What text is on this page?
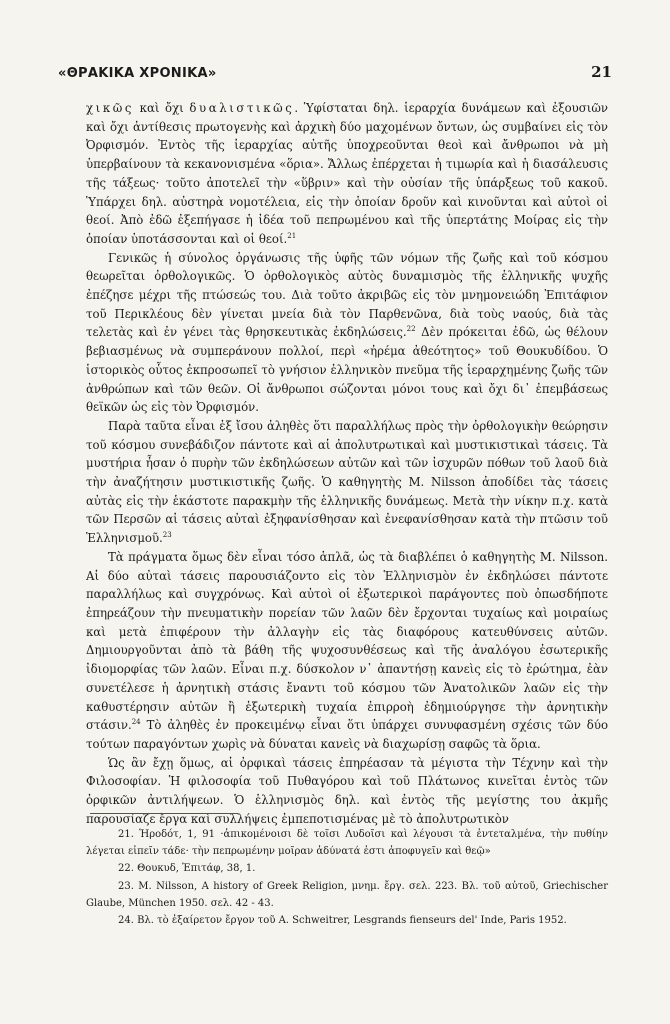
«ΘΡΑΚΙΚΑ ΧΡΟΝΙΚΑ»	21

χικῶς καὶ ὄχι δυαλιστικῶς. Ὑφίσταται δηλ. ἱεραρχία δυνάμεων καὶ ἐξουσιῶν καὶ ὄχι ἀντίθεσις πρωτογενὴς καὶ ἀρχικὴ δύο μαχομένων ὄντων, ὡς συμβαίνει εἰς τὸν Ὀρφισμόν. Ἐντὸς τῆς ἱεραρχίας αὐτῆς ὑποχρεοῦνται θεοὶ καὶ ἄνθρωποι νὰ μὴ ὑπερβαίνουν τὰ κεκανονισμένα «ὅρια». Ἄλλως ἐπέρχεται ἡ τιμωρία καὶ ἡ διασάλευσις τῆς τάξεως· τοῦτο ἀποτελεῖ τὴν «ὕβριν» καὶ τὴν οὐσίαν τῆς ὑπάρξεως τοῦ κακοῦ. Ὑπάρχει δηλ. αὐστηρὰ νομοτέλεια, εἰς τὴν ὁποίαν δροῦν καὶ κινοῦνται καὶ αὐτοὶ οἱ θεοί. Ἀπὸ ἐδῶ ἐξεπήγασε ἡ ἰδέα τοῦ πεπρωμένου καὶ τῆς ὑπερτάτης Μοίρας εἰς τὴν ὁποίαν ὑποτάσσονται καὶ οἱ θεοί.$^{21}$

Γενικῶς ἡ σύνολος ὀργάνωσις τῆς ὑφῆς τῶν νόμων τῆς ζωῆς καὶ τοῦ κόσμου θεωρεῖται ὀρθολογικῶς. Ὁ ὀρθολογικὸς αὐτὸς δυναμισμὸς τῆς ἑλληνικῆς ψυχῆς ἐπέζησε μέχρι τῆς πτώσεώς του. Διὰ τοῦτο ἀκριβῶς εἰς τὸν μνημονειώδη Ἐπιτάφιον τοῦ Περικλέους δὲν γίνεται μνεία διὰ τὸν Παρθενῶνα, διὰ τοὺς ναούς, διὰ τὰς τελετὰς καὶ ἐν γένει τὰς θρησκευτικὰς ἐκδηλώσεις.$^{22}$ Δὲν πρόκειται ἐδῶ, ὡς θέλουν βεβιασμένως νὰ συμπεράνουν πολλοί, περὶ «ἠρέμα ἀθεότητος» τοῦ Θουκυδίδου. Ὁ ἱστορικὸς οὗτος ἐκπροσωπεῖ τὸ γνήσιον ἑλληνικὸν πνεῦμα τῆς ἱεραρχημένης ζωῆς τῶν ἀνθρώπων καὶ τῶν θεῶν. Οἱ ἄνθρωποι σώζονται μόνοι τους καὶ ὄχι δι᾽ ἐπεμβάσεως θεϊκῶν ὡς εἰς τὸν Ὀρφισμόν.

Παρὰ ταῦτα εἶναι ἐξ ἴσου ἀληθὲς ὅτι παραλλήλως πρὸς τὴν ὀρθολογικὴν θεώρησιν τοῦ κόσμου συνεβάδιζον πάντοτε καὶ αἱ ἀπολυτρωτικαὶ καὶ μυστικιστικαὶ τάσεις. Τὰ μυστήρια ἦσαν ὁ πυρὴν τῶν ἐκδηλώσεων αὐτῶν καὶ τῶν ἰσχυρῶν πόθων τοῦ λαοῦ διὰ τὴν ἀναζήτησιν μυστικιστικῆς ζωῆς. Ὁ καθηγητὴς Μ. Nilsson ἀποδίδει τὰς τάσεις αὐτὰς εἰς τὴν ἑκάστοτε παρακμὴν τῆς ἑλληνικῆς δυνάμεως. Μετὰ τὴν νίκην π.χ. κατὰ τῶν Περσῶν αἱ τάσεις αὐταὶ ἐξηφανίσθησαν καὶ ἐνεφανίσθησαν κατὰ τὴν πτῶσιν τοῦ Ἑλληνισμοῦ.$^{23}$

Τὰ πράγματα ὅμως δὲν εἶναι τόσο ἁπλᾶ, ὡς τὰ διαβλέπει ὁ καθηγητὴς Μ. Nilsson. Αἱ δύο αὐταὶ τάσεις παρουσιάζοντο εἰς τὸν Ἑλληνισμὸν ἐν ἐκδηλώσει πάντοτε παραλλήλως καὶ συγχρόνως. Καὶ αὐτοὶ οἱ ἐξωτερικοὶ παράγοντες ποὺ ὀπωσδήποτε ἐπηρεάζουν τὴν πνευματικὴν πορείαν τῶν λαῶν δὲν ἔρχονται τυχαίως καὶ μοιραίως καὶ μετὰ ἐπιφέρουν τὴν ἀλλαγὴν εἰς τὰς διαφόρους κατευθύνσεις αὐτῶν. Δημιουργοῦνται ἀπὸ τὰ βάθη τῆς ψυχοσυνθέσεως καὶ τῆς ἀναλόγου ἐσωτερικῆς ἰδιομορφίας τῶν λαῶν. Εἶναι π.χ. δύσκολον ν᾽ ἀπαντήσῃ κανεὶς εἰς τὸ ἐρώτημα, ἐὰν συνετέλεσε ἡ ἀρνητικὴ στάσις ἔναντι τοῦ κόσμου τῶν Ἀνατολικῶν λαῶν εἰς τὴν καθυστέρησιν αὐτῶν ἢ ἐξωτερικὴ τυχαία ἐπιρροὴ ἐδημιούργησε τὴν ἀρνητικὴν στάσιν.$^{24}$ Τὸ ἀληθὲς ἐν προκειμένῳ εἶναι ὅτι ὑπάρχει συνυφασμένη σχέσις τῶν δύο τούτων παραγόντων χωρὶς νὰ δύναται κανεὶς νὰ διαχωρίσῃ σαφῶς τὰ ὅρια.

Ὡς ἂν ἔχῃ ὅμως, αἱ ὀρφικαὶ τάσεις ἐπηρέασαν τὰ μέγιστα τὴν Τέχνην καὶ τὴν Φιλοσοφίαν. Ἡ φιλοσοφία τοῦ Πυθαγόρου καὶ τοῦ Πλάτωνος κινεῖται ἐντὸς τῶν ὀρφικῶν ἀντιλήψεων. Ὁ ἑλληνισμὸς δηλ. καὶ ἐντὸς τῆς μεγίστης του ἀκμῆς παρουσίαζε ἔργα καὶ συλλήψεις ἐμπεποτισμένας μὲ τὸ ἀπολυτρωτικὸν

21. Ἡροδότ, 1, 91 ·ἀπικομένοισι δὲ τοῖσι Λυδοῖσι καὶ λέγουσι τὰ ἐντεταλμένα, τὴν πυθίην λέγεται εἰπεῖν τάδε· τὴν πεπρωμένην μοῖραν ἀδύνατά ἐστι ἀποφυγεῖν καὶ θεῷ»

22. Θουκυδ, Ἐπιτάφ, 38, 1.

23. M. Nilsson, A history of Greek Religion, μνημ. ἔργ. σελ. 223. Βλ. τοῦ αὐτοῦ, Griechischer Glaube, München 1950. σελ. 42 - 43.

24. Βλ. τὸ ἐξαίρετον ἔργον τοῦ A. Schweitrer, Lesgrands fienseurs del' Inde, Paris 1952.
